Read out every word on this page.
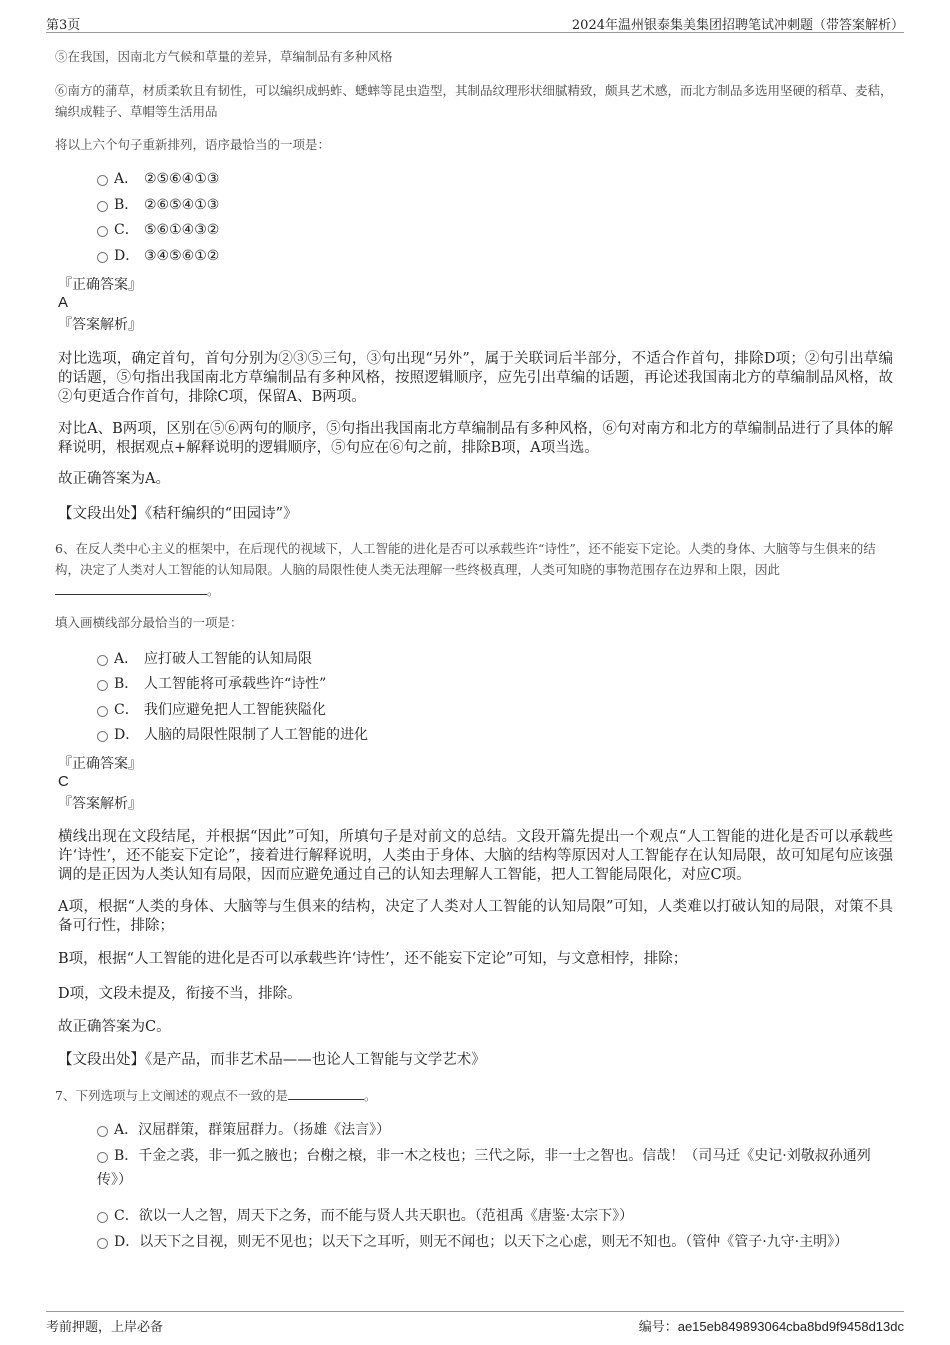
第3页	2024年温州银泰集美集团招聘笔试冲刺题（带答案解析）
⑤在我国，因南北方气候和草量的差异，草编制品有多种风格
⑥南方的蒲草，材质柔软且有韧性，可以编织成蚂蚱、蟋蟀等昆虫造型，其制品纹理形状细腻精致，颇具艺术感，而北方制品多选用坚硬的稻草、麦秸，编织成鞋子、草帽等生活用品
将以上六个句子重新排列，语序最恰当的一项是：
A． ②⑤⑥④①③
B． ②⑥⑤④①③
C． ⑤⑥①④③②
D． ③④⑤⑥①②
『正确答案』
A
『答案解析』
对比选项，确定首句，首句分别为②③⑤三句，③句出现“另外”，属于关联词后半部分，不适合作首句，排除D项；②句引出草编的话题，⑤句指出我国南北方草编制品有多种风格，按照逻辑顺序，应先引出草编的话题，再论述我国南北方的草编制品风格，故②句更适合作首句，排除C项，保留A、B两项。
对比A、B两项，区别在⑤⑥两句的顺序，⑤句指出我国南北方草编制品有多种风格，⑥句对南方和北方的草编制品进行了具体的解释说明，根据观点+解释说明的逻辑顺序，⑤句应在⑥句之前，排除B项，A项当选。
故正确答案为A。
【文段出处】《秸秆编织的“田园诗”》
6、在反人类中心主义的框架中，在后现代的视域下，人工智能的进化是否可以承载些许“诗性”，还不能妄下定论。人类的身体、大脑等与生俱来的结构，决定了人类对人工智能的认知局限。人脑的局限性使人类无法理解一些终极真理，人类可知晓的事物范围存在边界和上限，因此。
填入画横线部分最恰当的一项是：
A． 应打破人工智能的认知局限
B． 人工智能将可承载些许“诗性”
C． 我们应避免把人工智能狭隘化
D． 人脑的局限性限制了人工智能的进化
『正确答案』
C
『答案解析』
横线出现在文段结尾，并根据“因此”可知，所填句子是对前文的总结。文段开篇先提出一个观点“人工智能的进化是否可以承载些许‘诗性’，还不能妄下定论”，接着进行解释说明，人类由于身体、大脑的结构等原因对人工智能存在认知局限，故可知尾句应该强调的是正因为人类认知有局限，因而应避免通过自己的认知去理解人工智能，把人工智能局限化，对应C项。
A项，根据“人类的身体、大脑等与生俱来的结构，决定了人类对人工智能的认知局限”可知，人类难以打破认知的局限，对策不具备可行性，排除；
B项，根据“人工智能的进化是否可以承载些许‘诗性’，还不能妄下定论”可知，与文意相悖，排除；
D项，文段未提及，衔接不当，排除。
故正确答案为C。
【文段出处】《是产品，而非艺术品——也论人工智能与文学艺术》
7、下列选项与上文阐述的观点不一致的是	。
A．汉屈群策，群策屈群力。（扬雄《法言》）
B．千金之裘，非一狐之腋也；台榭之榱，非一木之枝也；三代之际，非一士之智也。信哉！（司马迁《史记·刘敬叔孙通列传》）
C．欲以一人之智，周天下之务，而不能与贤人共天职也。（范祖禹《唐鉴·太宗下》）
D．以天下之目视，则无不见也；以天下之耳听，则无不闻也；以天下之心虑，则无不知也。（管仲《管子·九守·主明》）
考前押题，上岸必备	编号：ae15eb849893064cba8bd9f9458d13dc
